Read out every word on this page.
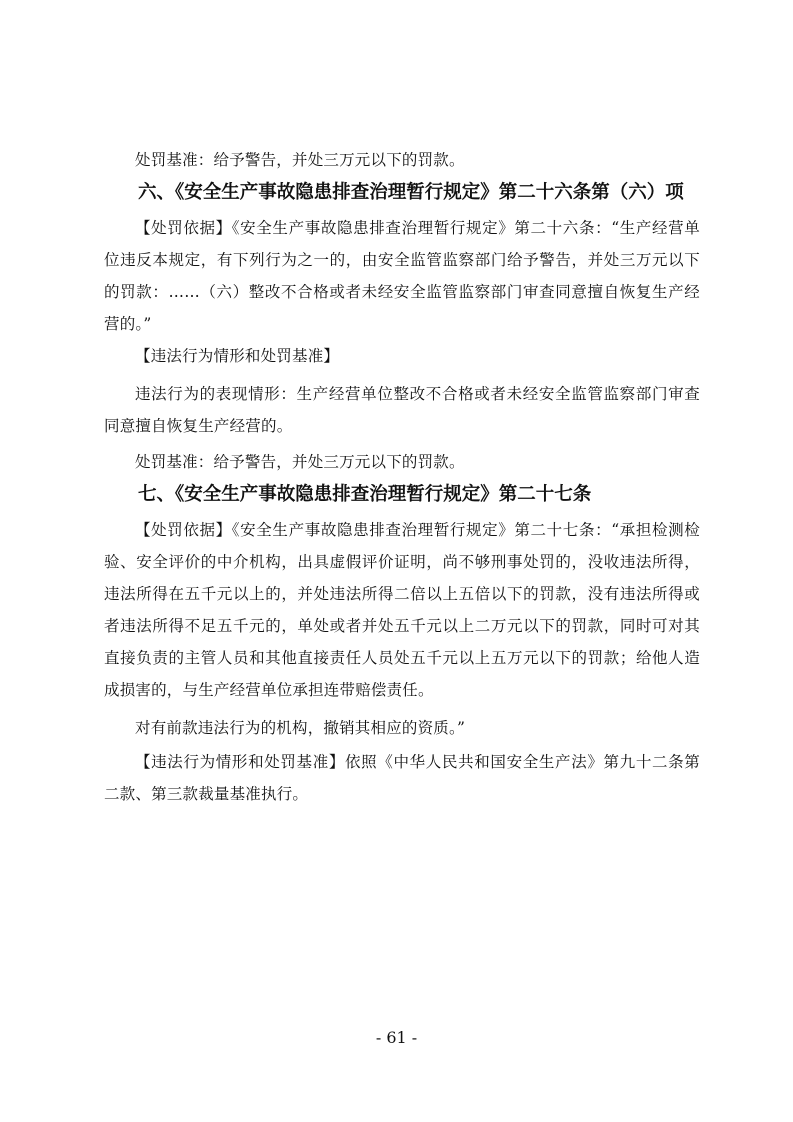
处罚基准：给予警告，并处三万元以下的罚款。

六、《安全生产事故隐患排查治理暂行规定》第二十六条第（六）项

【处罚依据】《安全生产事故隐患排查治理暂行规定》第二十六条：“生产经营单位违反本规定，有下列行为之一的，由安全监管监察部门给予警告，并处三万元以下的罚款：……（六）整改不合格或者未经安全监管监察部门审查同意擅自恢复生产经营的。”

【违法行为情形和处罚基准】

违法行为的表现情形：生产经营单位整改不合格或者未经安全监管监察部门审查同意擅自恢复生产经营的。

处罚基准：给予警告，并处三万元以下的罚款。

七、《安全生产事故隐患排查治理暂行规定》第二十七条

【处罚依据】《安全生产事故隐患排查治理暂行规定》第二十七条：“承担检测检验、安全评价的中介机构，出具虚假评价证明，尚不够刑事处罚的，没收违法所得，违法所得在五千元以上的，并处违法所得二倍以上五倍以下的罚款，没有违法所得或者违法所得不足五千元的，单处或者并处五千元以上二万元以下的罚款，同时可对其直接负责的主管人员和其他直接责任人员处五千元以上五万元以下的罚款；给他人造成损害的，与生产经营单位承担连带赔偿责任。

对有前款违法行为的机构，撤销其相应的资质。”

【违法行为情形和处罚基准】依照《中华人民共和国安全生产法》第九十二条第二款、第三款裁量基准执行。

- 61 -
